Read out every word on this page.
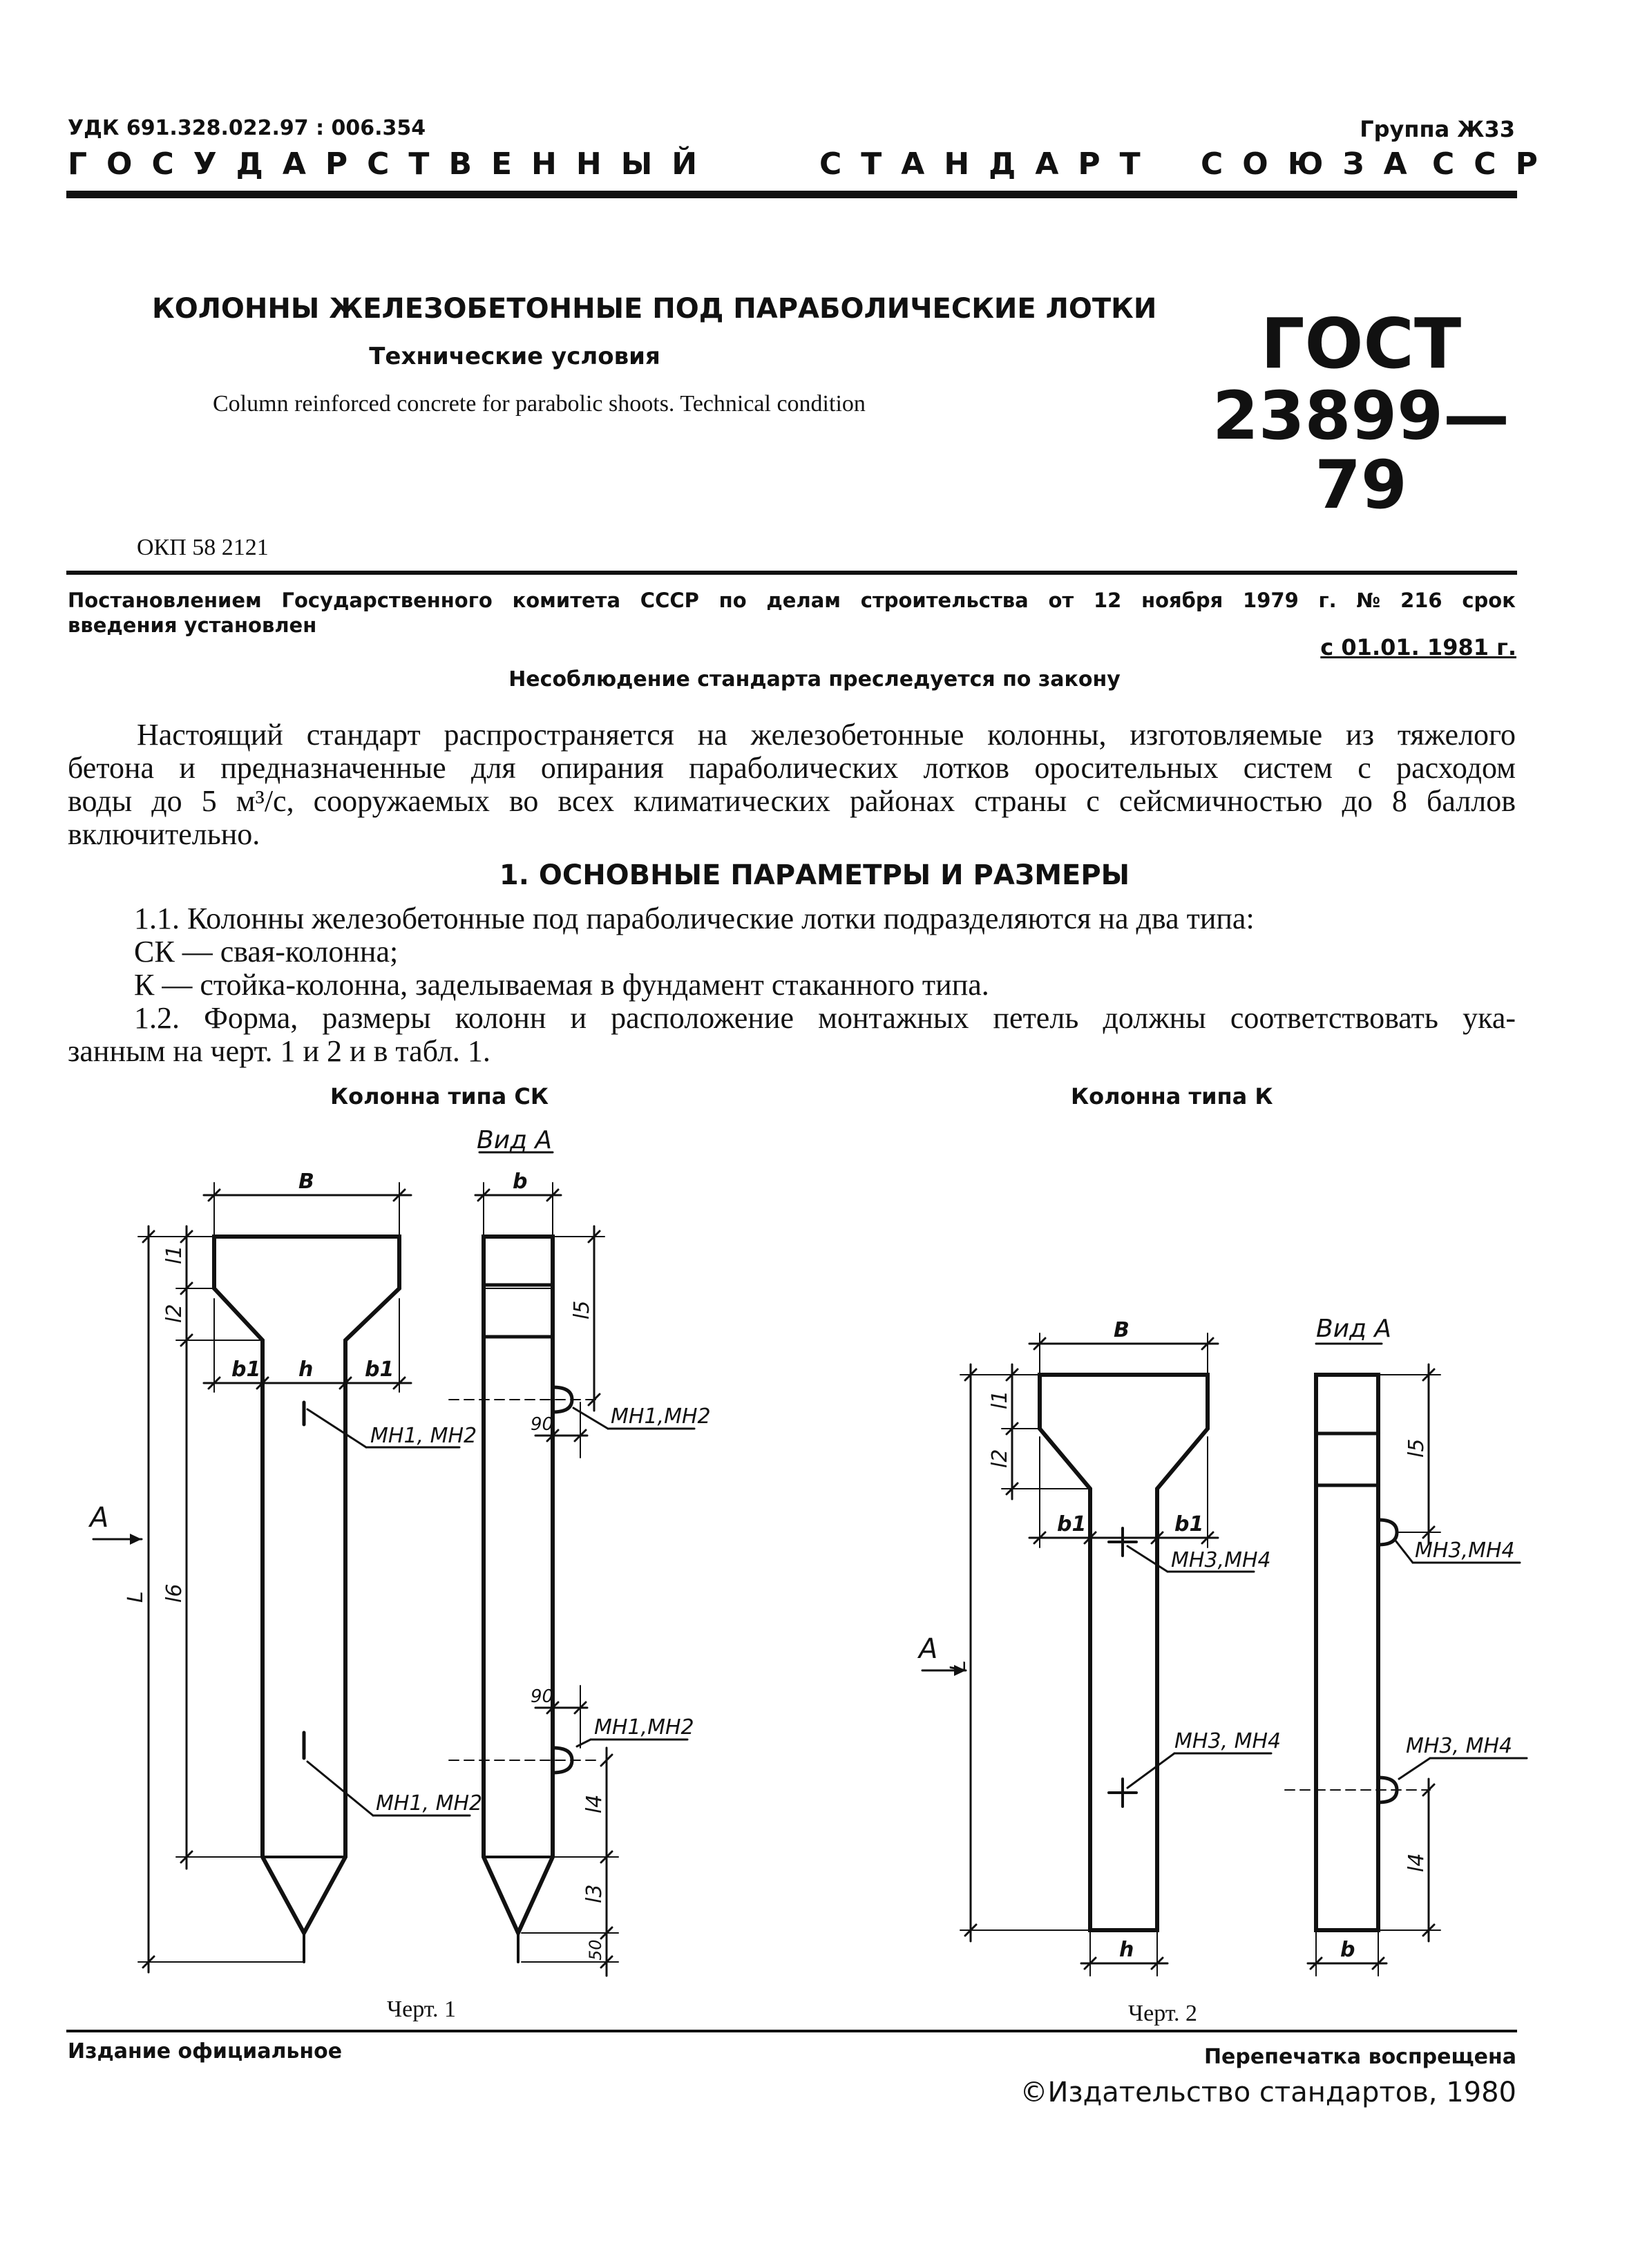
УДК 691.328.022.97 : 006.354	Группа Ж33
ГОСУДАРСТВЕННЫЙ	СТАНДАРТ СОЮЗА ССР
КОЛОННЫ ЖЕЛЕЗОБЕТОННЫЕ ПОД ПАРАБОЛИЧЕСКИЕ ЛОТКИ
Технические условия
Column reinforced concrete for parabolic shoots. Technical condition
ГОСТ
23899—79
ОКП 58 2121
Постановлением Государственного комитета СССР по делам строительства от 12 ноября 1979 г. № 216 срок
введения установлен
с 01.01. 1981 г.
Несоблюдение стандарта преследуется по закону
Настоящий стандарт распространяется на железобетонные колонны, изготовляемые из тяжелого
бетона и предназначенные для опирания параболических лотков оросительных систем с расходом
воды до 5 м³/с, сооружаемых во всех климатических районах страны с сейсмичностью до 8 баллов
включительно.
1. ОСНОВНЫЕ ПАРАМЕТРЫ И РАЗМЕРЫ
1.1. Колонны железобетонные под параболические лотки подразделяются на два типа:
СК — свая-колонна;
К — стойка-колонна, заделываемая в фундамент стаканного типа.
1.2. Форма, размеры колонн и расположение монтажных петель должны соответствовать ука-
занным на черт. 1 и 2 и в табл. 1.
Колонна типа СК	Колонна типа К
Вид А
B	b
b1 h b1
МН1, МН2
МН1, МН2
МН1,МН2
МН1,МН2
90
90
А
l1
l2
l6
L
l5
l4
l3
50
Вид А
B
b1	b1
h	b
МН3,МН4
МН3, МН4
МН3,МН4
МН3, МН4
А
l1
l2
L
l5
l4
Черт. 1	Черт. 2
Издание официальное	Перепечатка воспрещена
©Издательство стандартов, 1980
